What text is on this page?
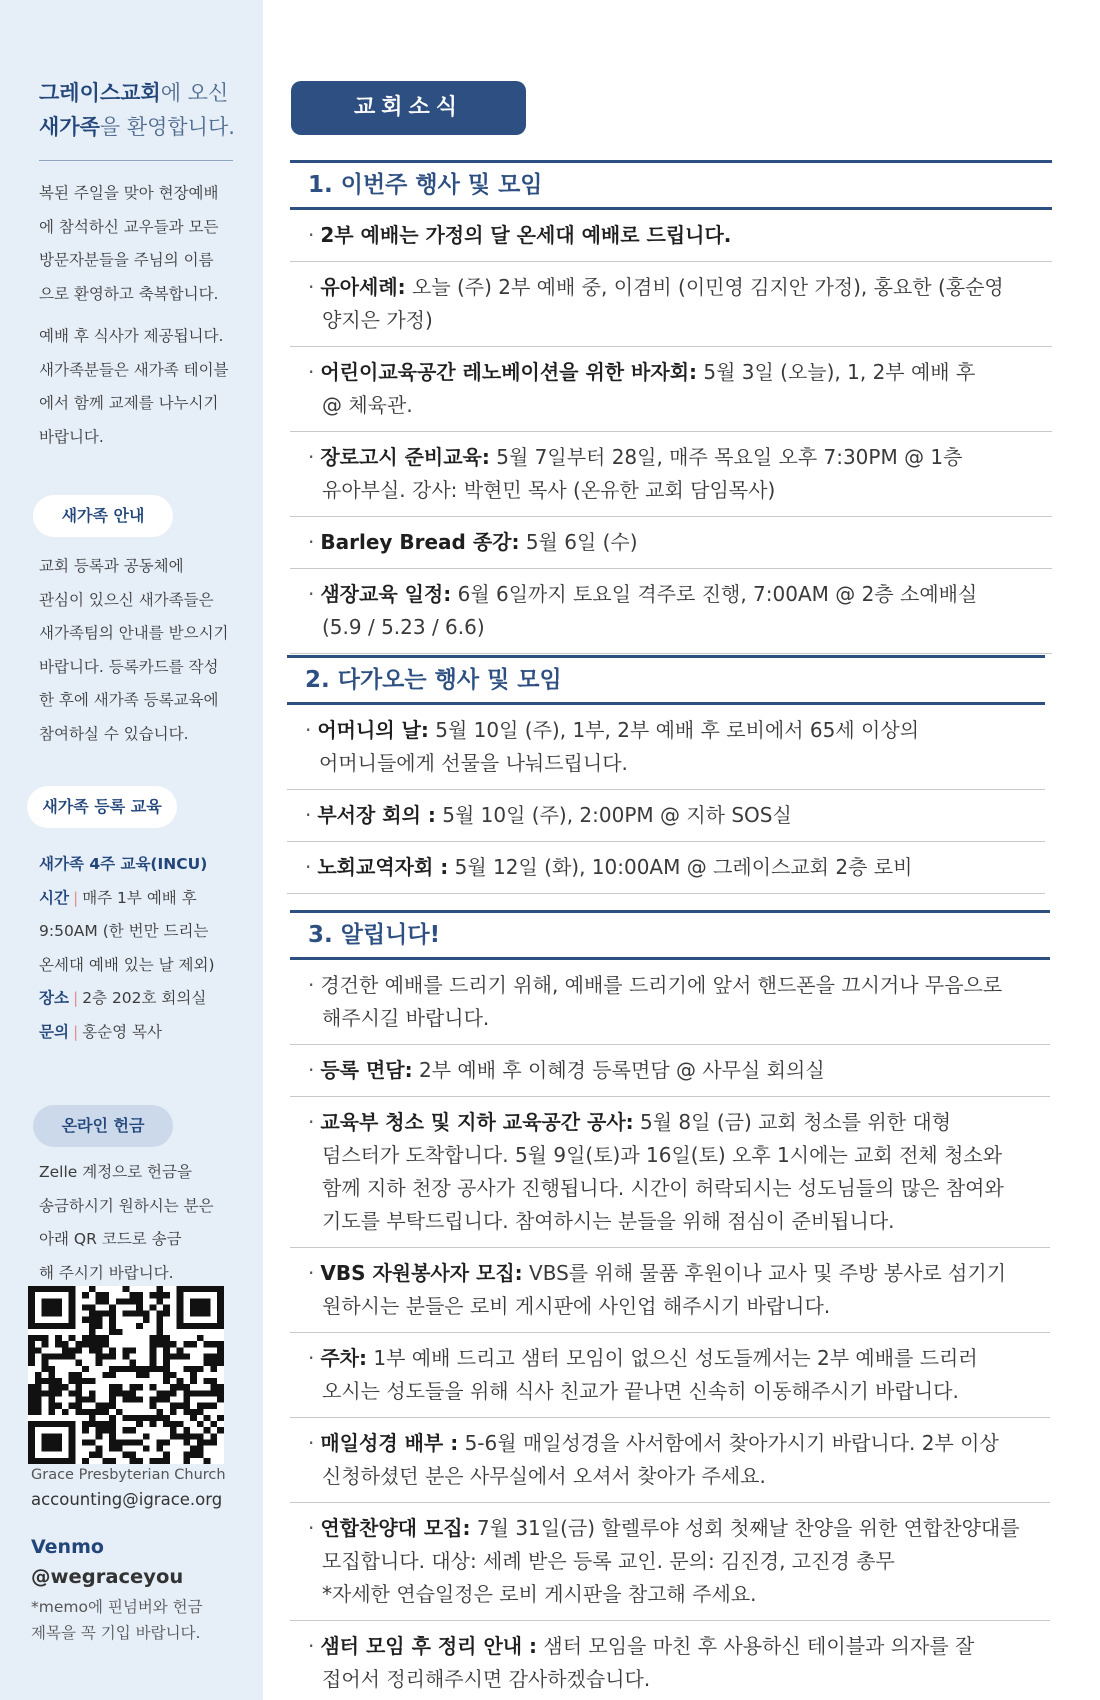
그레이스교회에 오신
새가족을 환영합니다.
복된 주일을 맞아 현장예배
에 참석하신 교우들과 모든
방문자분들을 주님의 이름
으로 환영하고 축복합니다.
예배 후 식사가 제공됩니다.
새가족분들은 새가족 테이블
에서 함께 교제를 나누시기
바랍니다.
새가족 안내
교회 등록과 공동체에
관심이 있으신 새가족들은
새가족팀의 안내를 받으시기
바랍니다. 등록카드를 작성
한 후에 새가족 등록교육에
참여하실 수 있습니다.
새가족 등록 교육
새가족 4주 교육(INCU)
시간 | 매주 1부 예배 후
9:50AM (한 번만 드리는
온세대 예배 있는 날 제외)
장소 | 2층 202호 회의실
문의 | 홍순영 목사
온라인 헌금
Zelle 계정으로 헌금을
송금하시기 원하시는 분은
아래 QR 코드로 송금
해 주시기 바랍니다.
Grace Presbyterian Church
accounting@igrace.org
Venmo
@wegraceyou
*memo에 핀넘버와 헌금
제목을 꼭 기입 바랍니다.
교회소식
1. 이번주 행사 및 모임
· 2부 예배는 가정의 달 온세대 예배로 드립니다.
· 유아세례: 오늘 (주) 2부 예배 중, 이겸비 (이민영 김지안 가정), 홍요한 (홍순영
양지은 가정)
· 어린이교육공간 레노베이션을 위한 바자회: 5월 3일 (오늘), 1, 2부 예배 후
@ 체육관.
· 장로고시 준비교육: 5월 7일부터 28일, 매주 목요일 오후 7:30PM @ 1층
유아부실. 강사: 박현민 목사 (온유한 교회 담임목사)
· Barley Bread 종강: 5월 6일 (수)
· 샘장교육 일정: 6월 6일까지 토요일 격주로 진행, 7:00AM @ 2층 소예배실
(5.9 / 5.23 / 6.6)
2. 다가오는 행사 및 모임
· 어머니의 날: 5월 10일 (주), 1부, 2부 예배 후 로비에서 65세 이상의
어머니들에게 선물을 나눠드립니다.
· 부서장 회의 : 5월 10일 (주), 2:00PM @ 지하 SOS실
· 노회교역자회 : 5월 12일 (화), 10:00AM @ 그레이스교회 2층 로비
3. 알립니다!
· 경건한 예배를 드리기 위해, 예배를 드리기에 앞서 핸드폰을 끄시거나 무음으로
해주시길 바랍니다.
· 등록 면담: 2부 예배 후 이혜경 등록면담 @ 사무실 회의실
· 교육부 청소 및 지하 교육공간 공사: 5월 8일 (금) 교회 청소를 위한 대형
덤스터가 도착합니다. 5월 9일(토)과 16일(토) 오후 1시에는 교회 전체 청소와
함께 지하 천장 공사가 진행됩니다. 시간이 허락되시는 성도님들의 많은 참여와
기도를 부탁드립니다. 참여하시는 분들을 위해 점심이 준비됩니다.
· VBS 자원봉사자 모집: VBS를 위해 물품 후원이나 교사 및 주방 봉사로 섬기기
원하시는 분들은 로비 게시판에 사인업 해주시기 바랍니다.
· 주차: 1부 예배 드리고 샘터 모임이 없으신 성도들께서는 2부 예배를 드리러
오시는 성도들을 위해 식사 친교가 끝나면 신속히 이동해주시기 바랍니다.
· 매일성경 배부 : 5-6월 매일성경을 사서함에서 찾아가시기 바랍니다. 2부 이상
신청하셨던 분은 사무실에서 오셔서 찾아가 주세요.
· 연합찬양대 모집: 7월 31일(금) 할렐루야 성회 첫째날 찬양을 위한 연합찬양대를
모집합니다. 대상: 세례 받은 등록 교인. 문의: 김진경, 고진경 총무
*자세한 연습일정은 로비 게시판을 참고해 주세요.
· 샘터 모임 후 정리 안내 : 샘터 모임을 마친 후 사용하신 테이블과 의자를 잘
접어서 정리해주시면 감사하겠습니다.
